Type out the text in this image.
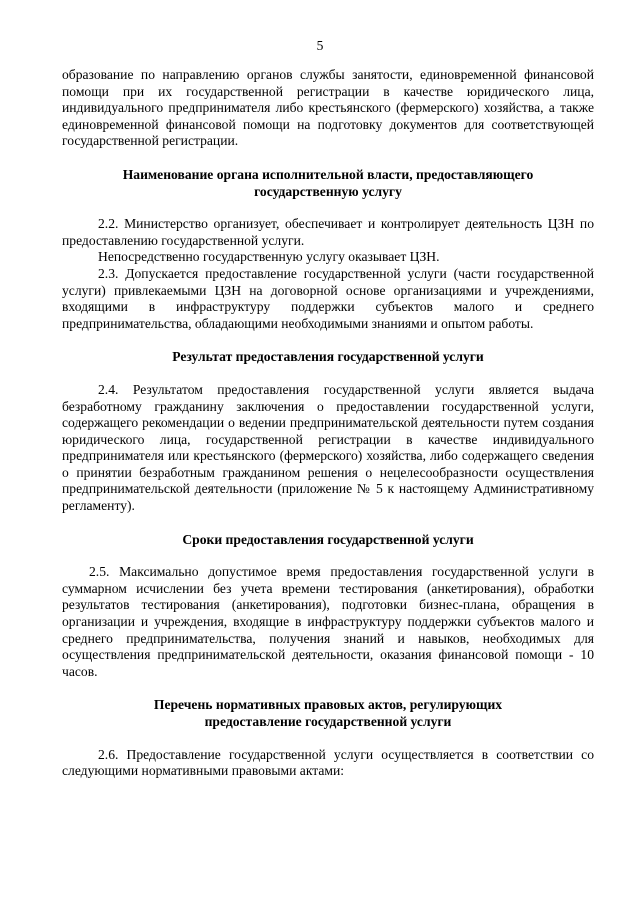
5

образование по направлению органов службы занятости, единовременной финансовой помощи при их государственной регистрации в качестве юридического лица, индивидуального предпринимателя либо крестьянского (фермерского) хозяйства, а также единовременной финансовой помощи на подготовку документов для соответствующей государственной регистрации.

Наименование органа исполнительной власти, предоставляющего
государственную услугу

2.2. Министерство организует, обеспечивает и контролирует деятельность ЦЗН по предоставлению государственной услуги.

Непосредственно государственную услугу оказывает ЦЗН.

2.3. Допускается предоставление государственной услуги (части государственной услуги) привлекаемыми ЦЗН на договорной основе организациями и учреждениями, входящими в инфраструктуру поддержки субъектов малого и среднего предпринимательства, обладающими необходимыми знаниями и опытом работы.

Результат предоставления государственной услуги

2.4. Результатом предоставления государственной услуги является выдача безработному гражданину заключения о предоставлении государственной услуги, содержащего рекомендации о ведении предпринимательской деятельности путем создания юридического лица, государственной регистрации в качестве индивидуального предпринимателя или крестьянского (фермерского) хозяйства, либо содержащего сведения о принятии безработным гражданином решения о нецелесообразности осуществления предпринимательской деятельности (приложение № 5 к настоящему Административному регламенту).

Сроки предоставления государственной услуги

2.5. Максимально допустимое время предоставления государственной услуги в суммарном исчислении без учета времени тестирования (анкетирования), обработки результатов тестирования (анкетирования), подготовки бизнес-плана, обращения в организации и учреждения, входящие в инфраструктуру поддержки субъектов малого и среднего предпринимательства, получения знаний и навыков, необходимых для осуществления предпринимательской деятельности, оказания финансовой помощи - 10 часов.

Перечень нормативных правовых актов, регулирующих
предоставление государственной услуги

2.6. Предоставление государственной услуги осуществляется в соответствии со следующими нормативными правовыми актами:
